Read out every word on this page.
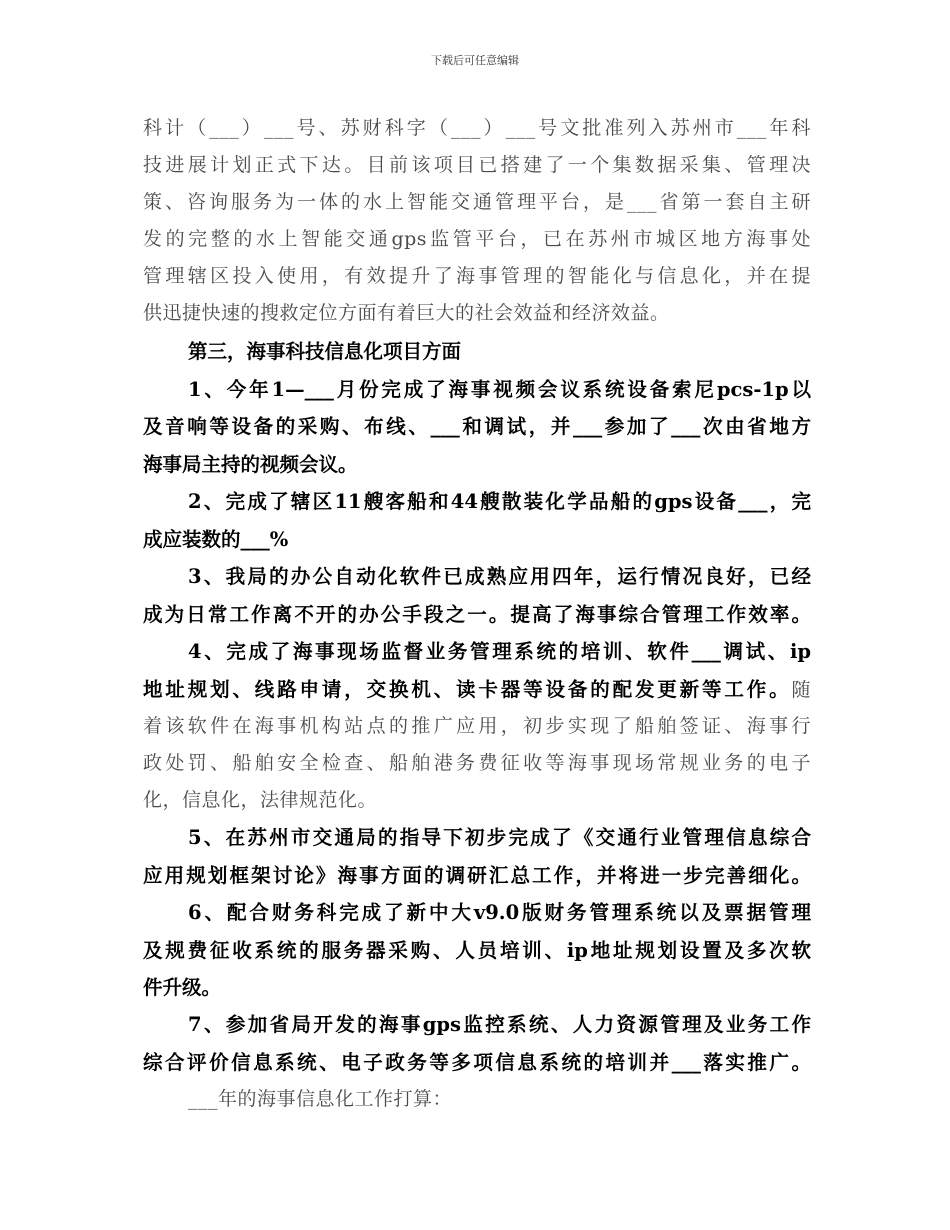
下载后可任意编辑
科计（___）___号、苏财科字（___）___号文批准列入苏州市___年科
技进展计划正式下达。目前该项目已搭建了一个集数据采集、管理决
策、咨询服务为一体的水上智能交通管理平台，是___省第一套自主研
发的完整的水上智能交通gps监管平台，已在苏州市城区地方海事处
管理辖区投入使用，有效提升了海事管理的智能化与信息化，并在提
供迅捷快速的搜救定位方面有着巨大的社会效益和经济效益。
第三，海事科技信息化项目方面
1、今年1—___月份完成了海事视频会议系统设备索尼pcs-1p以
及音响等设备的采购、布线、___和调试，并___参加了___次由省地方
海事局主持的视频会议。
2、完成了辖区11艘客船和44艘散装化学品船的gps设备___，完
成应装数的___%
3、我局的办公自动化软件已成熟应用四年，运行情况良好，已经
成为日常工作离不开的办公手段之一。提高了海事综合管理工作效率。
4、完成了海事现场监督业务管理系统的培训、软件___调试、ip
地址规划、线路申请，交换机、读卡器等设备的配发更新等工作。随
着该软件在海事机构站点的推广应用，初步实现了船舶签证、海事行
政处罚、船舶安全检查、船舶港务费征收等海事现场常规业务的电子
化，信息化，法律规范化。
5、在苏州市交通局的指导下初步完成了《交通行业管理信息综合
应用规划框架讨论》海事方面的调研汇总工作，并将进一步完善细化。
6、配合财务科完成了新中大v9.0版财务管理系统以及票据管理
及规费征收系统的服务器采购、人员培训、ip地址规划设置及多次软
件升级。
7、参加省局开发的海事gps监控系统、人力资源管理及业务工作
综合评价信息系统、电子政务等多项信息系统的培训并___落实推广。
___年的海事信息化工作打算：
